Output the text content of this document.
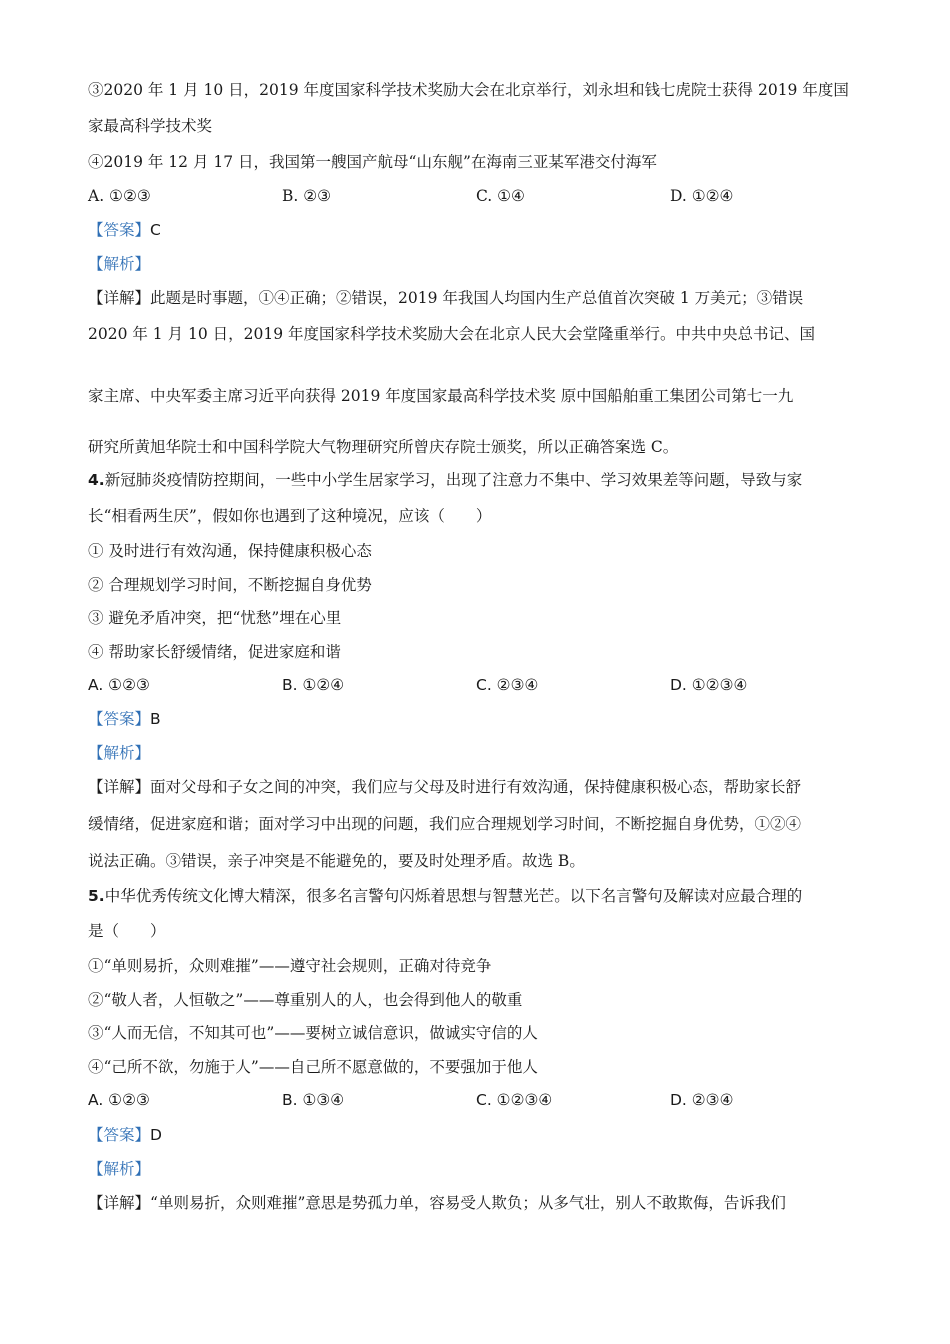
③2020 年 1 月 10 日，2019 年度国家科学技术奖励大会在北京举行，刘永坦和钱七虎院士获得 2019 年度国
家最高科学技术奖
④2019 年 12 月 17 日，我国第一艘国产航母“山东舰”在海南三亚某军港交付海军
A. ①②③	B. ②③	C. ①④	D. ①②④
【答案】C
【解析】
【详解】此题是时事题，①④正确；②错误，2019 年我国人均国内生产总值首次突破 1 万美元；③错误
2020 年 1 月 10 日，2019 年度国家科学技术奖励大会在北京人民大会堂隆重举行。中共中央总书记、国
家主席、中央军委主席习近平向获得 2019 年度国家最高科学技术奖 原中国船舶重工集团公司第七一九
研究所黄旭华院士和中国科学院大气物理研究所曾庆存院士颁奖，所以正确答案选 C。
4.新冠肺炎疫情防控期间，一些中小学生居家学习，出现了注意力不集中、学习效果差等问题，导致与家
长“相看两生厌”，假如你也遇到了这种境况，应该（　　）
① 及时进行有效沟通，保持健康积极心态
② 合理规划学习时间，不断挖掘自身优势
③ 避免矛盾冲突，把“忧愁”埋在心里
④ 帮助家长舒缓情绪，促进家庭和谐
A. ①②③	B. ①②④	C. ②③④	D. ①②③④
【答案】B
【解析】
【详解】面对父母和子女之间的冲突，我们应与父母及时进行有效沟通，保持健康积极心态，帮助家长舒
缓情绪，促进家庭和谐；面对学习中出现的问题，我们应合理规划学习时间，不断挖掘自身优势，①②④
说法正确。③错误，亲子冲突是不能避免的，要及时处理矛盾。故选 B。
5.中华优秀传统文化博大精深，很多名言警句闪烁着思想与智慧光芒。以下名言警句及解读对应最合理的
是（　　）
①“单则易折，众则难摧”——遵守社会规则，正确对待竞争
②“敬人者，人恒敬之”——尊重别人的人，也会得到他人的敬重
③“人而无信，不知其可也”——要树立诚信意识，做诚实守信的人
④“己所不欲，勿施于人”——自己所不愿意做的，不要强加于他人
A. ①②③	B. ①③④	C. ①②③④	D. ②③④
【答案】D
【解析】
【详解】“单则易折，众则难摧”意思是势孤力单，容易受人欺负；从多气壮，别人不敢欺侮，告诉我们
